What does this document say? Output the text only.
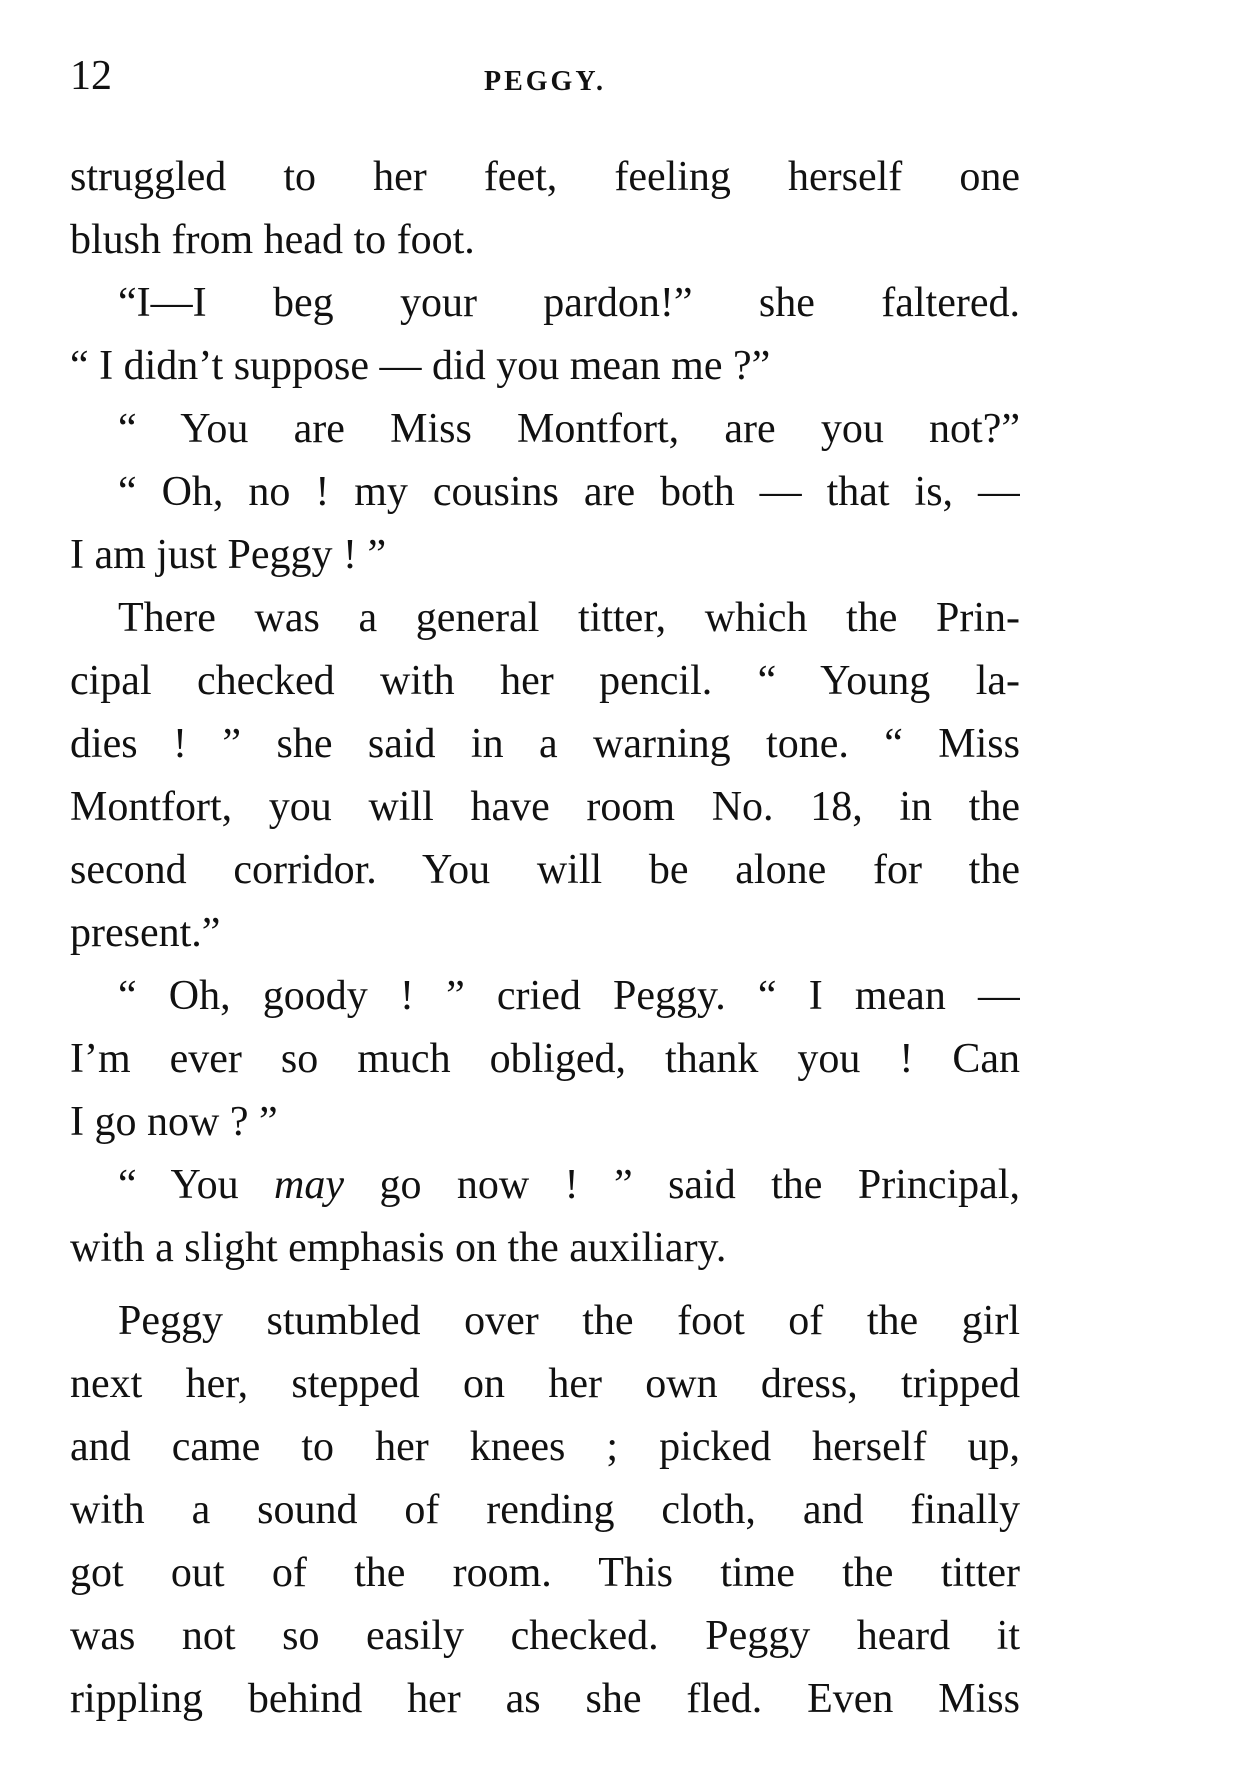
12	PEGGY.
struggled to her feet, feeling herself one
blush from head to foot.
“I—I beg your pardon!” she faltered.
“ I didn’t suppose — did you mean me ?”
“ You are Miss Montfort, are you not?”
“ Oh, no ! my cousins are both — that is, —
I am just Peggy ! ”
There was a general titter, which the Prin-
cipal checked with her pencil. “ Young la-
dies ! ” she said in a warning tone. “ Miss
Montfort, you will have room No. 18, in the
second corridor. You will be alone for the
present.”
“ Oh, goody ! ” cried Peggy. “ I mean —
I’m ever so much obliged, thank you ! Can
I go now ? ”
“ You may go now ! ” said the Principal,
with a slight emphasis on the auxiliary.
Peggy stumbled over the foot of the girl
next her, stepped on her own dress, tripped
and came to her knees ; picked herself up,
with a sound of rending cloth, and finally
got out of the room. This time the titter
was not so easily checked. Peggy heard it
rippling behind her as she fled. Even Miss
